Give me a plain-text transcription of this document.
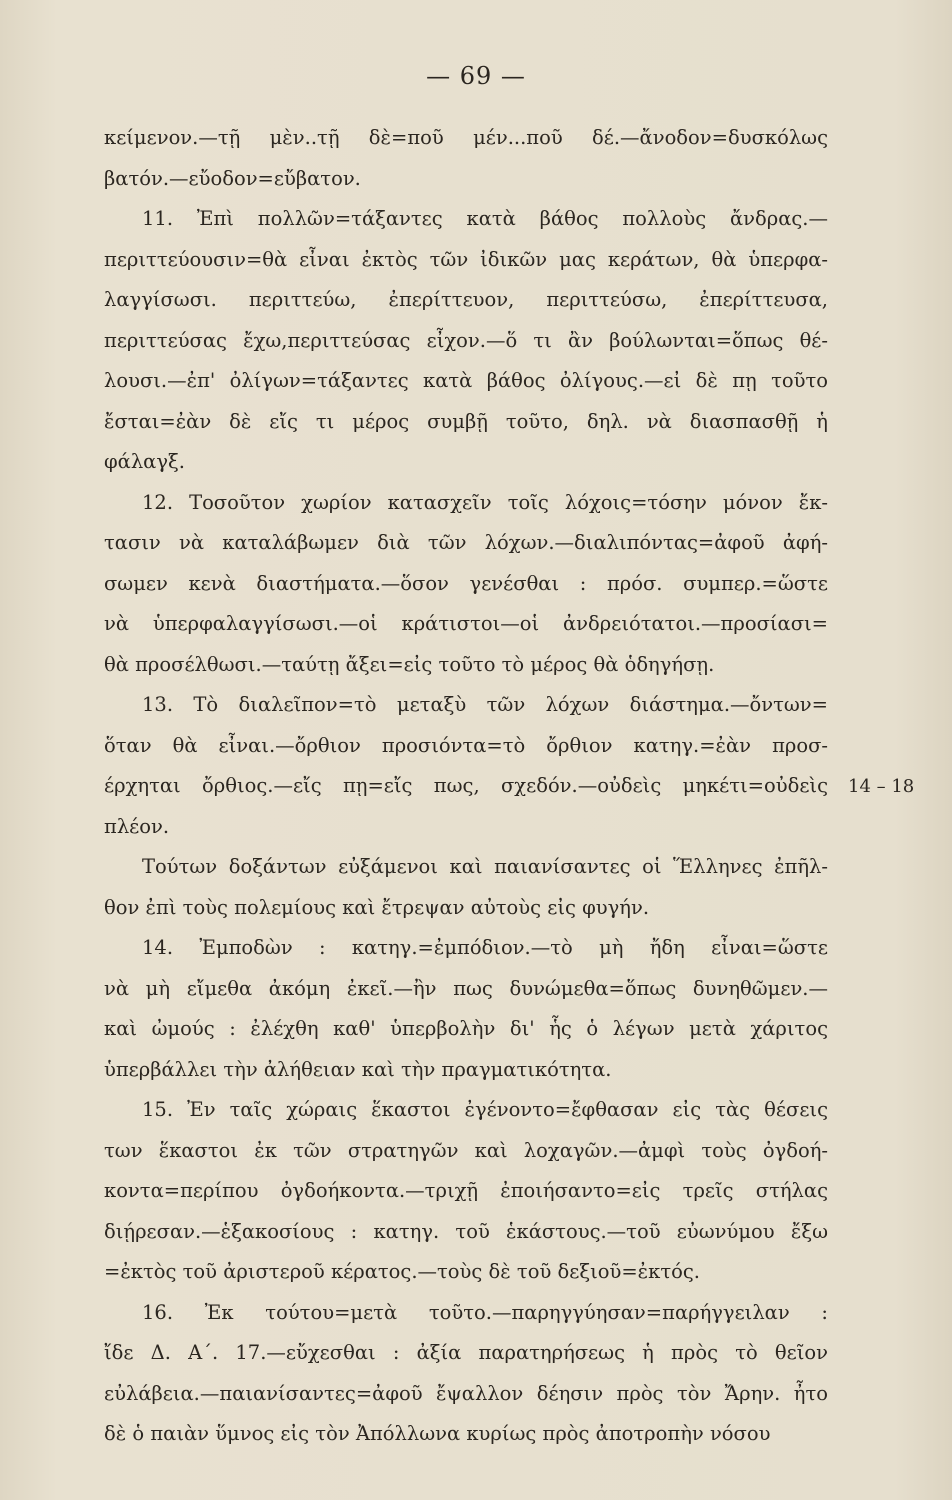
— 69 —

κείμενον.—τῇ μὲν..τῇ δὲ=ποῦ μέν...ποῦ δέ.—ἄνοδον=δυσκόλως

βατόν.—εὔοδον=εὔβατον.

11. Ἐπὶ πολλῶν=τάξαντες κατὰ βάθος πολλοὺς ἄνδρας.—

περιττεύουσιν=θὰ εἶναι ἐκτὸς τῶν ἰδικῶν μας κεράτων, θὰ ὑπερφα-

λαγγίσωσι. περιττεύω, ἐπερίττευον, περιττεύσω, ἐπερίττευσα,

περιττεύσας ἔχω,περιττεύσας εἶχον.—ὅ τι ἂν βούλωνται=ὅπως θέ-

λουσι.—ἐπ' ὀλίγων=τάξαντες κατὰ βάθος ὀλίγους.—εἰ δὲ πῃ τοῦτο

ἔσται=ἐὰν δὲ εἴς τι μέρος συμβῇ τοῦτο, δηλ. νὰ διασπασθῇ ἡ

φάλαγξ.

12. Τοσοῦτον χωρίον κατασχεῖν τοῖς λόχοις=τόσην μόνον ἔκ-

τασιν νὰ καταλάβωμεν διὰ τῶν λόχων.—διαλιπόντας=ἀφοῦ ἀφή-

σωμεν κενὰ διαστήματα.—ὅσον γενέσθαι : πρόσ. συμπερ.=ὥστε

νὰ ὑπερφαλαγγίσωσι.—οἱ κράτιστοι—οἱ ἀνδρειότατοι.—προσίασι=

θὰ προσέλθωσι.—ταύτῃ ἄξει=εἰς τοῦτο τὸ μέρος θὰ ὁδηγήσῃ.

13. Τὸ διαλεῖπον=τὸ μεταξὺ τῶν λόχων διάστημα.—ὄντων=

ὅταν θὰ εἶναι.—ὄρθιον προσιόντα=τὸ ὄρθιον κατηγ.=ἐὰν προσ-

έρχηται ὄρθιος.—εἴς πῃ=εἴς πως, σχεδόν.—οὐδεὶς μηκέτι=οὐδεὶς

πλέον.

Τούτων δοξάντων εὐξάμενοι καὶ παιανίσαντες οἱ Ἕλληνες ἐπῆλ-

θον ἐπὶ τοὺς πολεμίους καὶ ἔτρεψαν αὐτοὺς εἰς φυγήν.

14. Ἐμποδὼν : κατηγ.=ἐμπόδιον.—τὸ μὴ ἤδη εἶναι=ὥστε

νὰ μὴ εἴμεθα ἀκόμη ἐκεῖ.—ἢν πως δυνώμεθα=ὅπως δυνηθῶμεν.—

καὶ ὠμούς : ἐλέχθη καθ' ὑπερβολὴν δι' ἧς ὁ λέγων μετὰ χάριτος

ὑπερβάλλει τὴν ἀλήθειαν καὶ τὴν πραγματικότητα.

15. Ἐν ταῖς χώραις ἕκαστοι ἐγένοντο=ἔφθασαν εἰς τὰς θέσεις

των ἕκαστοι ἐκ τῶν στρατηγῶν καὶ λοχαγῶν.—ἀμφὶ τοὺς ὀγδοή-

κοντα=περίπου ὀγδοήκοντα.—τριχῇ ἐποιήσαντο=εἰς τρεῖς στήλας

διῄρεσαν.—ἑξακοσίους : κατηγ. τοῦ ἑκάστους.—τοῦ εὐωνύμου ἔξω

=ἐκτὸς τοῦ ἀριστεροῦ κέρατος.—τοὺς δὲ τοῦ δεξιοῦ=ἐκτός.

16. Ἐκ τούτου=μετὰ τοῦτο.—παρηγγύησαν=παρήγγειλαν :

ἴδε Δ. Α΄. 17.—εὔχεσθαι : ἀξία παρατηρήσεως ἡ πρὸς τὸ θεῖον

εὐλάβεια.—παιανίσαντες=ἀφοῦ ἔψαλλον δέησιν πρὸς τὸν Ἄρην. ἦτο

δὲ ὁ παιὰν ὕμνος εἰς τὸν Ἀπόλλωνα κυρίως πρὸς ἀποτροπὴν νόσου

14 – 18
